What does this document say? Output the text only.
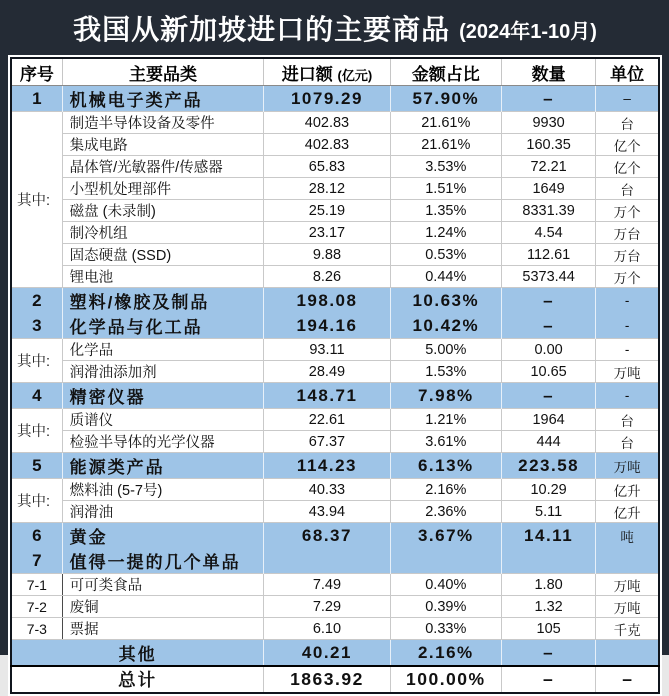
我国从新加坡进口的主要商品 (2024年1-10月)
序号	主要品类	进口额 (亿元)	金额占比	数量	单位
1	机械电子类产品	1079.29	57.90%	–	–
其中:	制造半导体设备及零件	402.83	21.61%	9930	台
	集成电路	402.83	21.61%	160.35	亿个
	晶体管/光敏器件/传感器	65.83	3.53%	72.21	亿个
	小型机处理部件	28.12	1.51%	1649	台
	磁盘 (未录制)	25.19	1.35%	8331.39	万个
	制冷机组	23.17	1.24%	4.54	万台
	固态硬盘 (SSD)	9.88	0.53%	112.61	万台
	锂电池	8.26	0.44%	5373.44	万个
2	塑料/橡胶及制品	198.08	10.63%	–	-
3	化学品与化工品	194.16	10.42%	–	-
其中:	化学品	93.11	5.00%	0.00	-
	润滑油添加剂	28.49	1.53%	10.65	万吨
4	精密仪器	148.71	7.98%	–	-
其中:	质谱仪	22.61	1.21%	1964	台
	检验半导体的光学仪器	67.37	3.61%	444	台
5	能源类产品	114.23	6.13%	223.58	万吨
其中:	燃料油 (5-7号)	40.33	2.16%	10.29	亿升
	润滑油	43.94	2.36%	5.11	亿升
6	黄金	68.37	3.67%	14.11	吨
7	值得一提的几个单品				
7-1	可可类食品	7.49	0.40%	1.80	万吨
7-2	废铜	7.29	0.39%	1.32	万吨
7-3	票据	6.10	0.33%	105	千克
其他		40.21	2.16%	–	
总计		1863.92	100.00%	–	–
